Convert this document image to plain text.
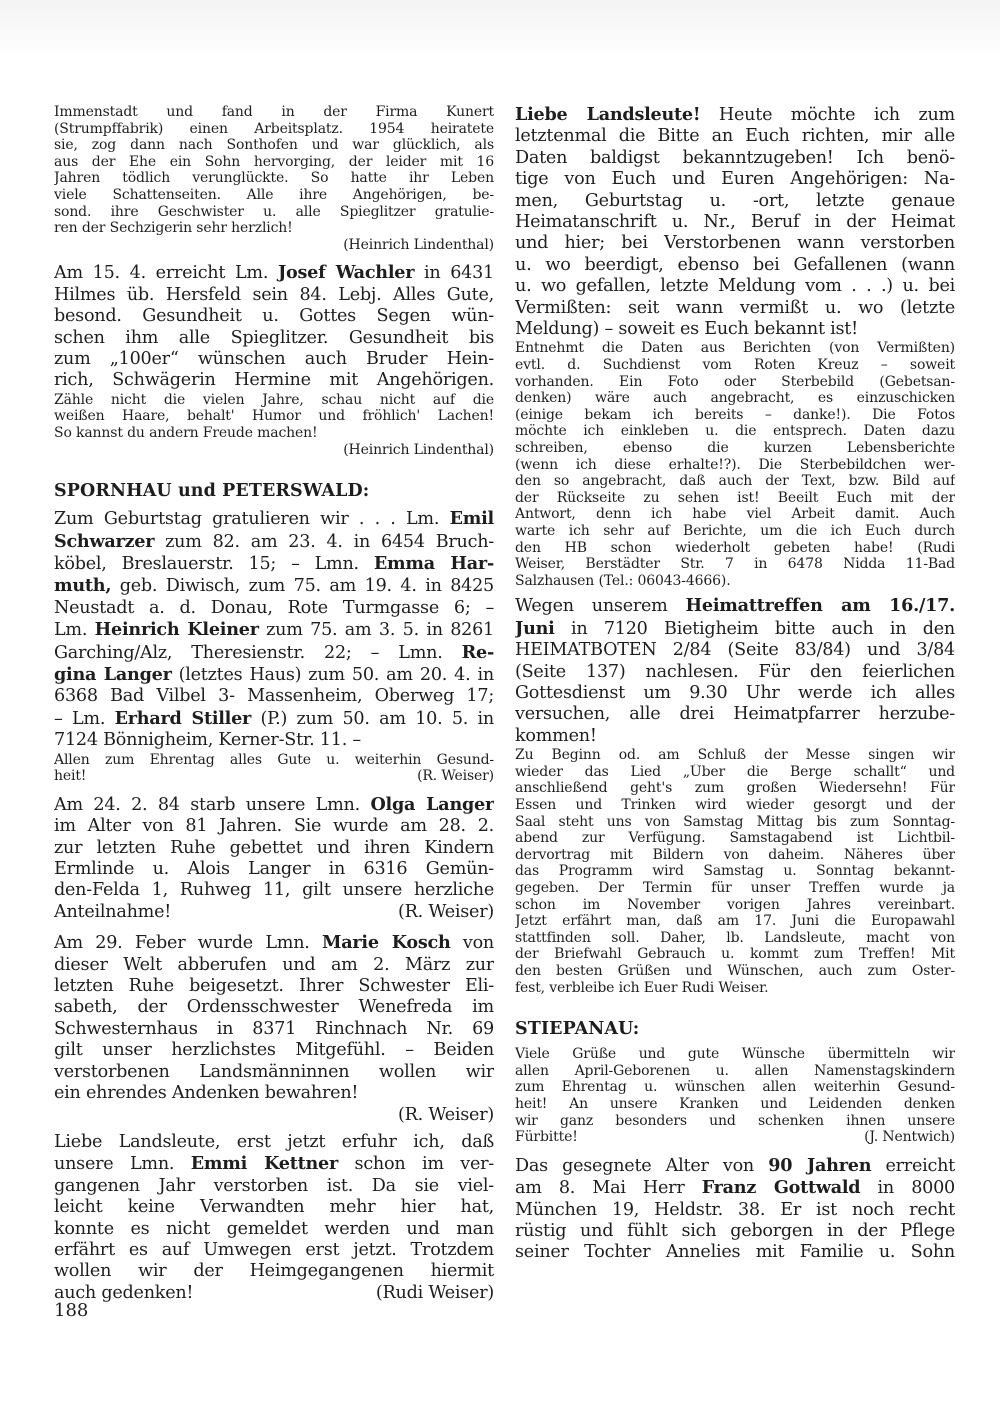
Immenstadt und fand in der Firma Kunert
(Strumpffabrik) einen Arbeitsplatz. 1954 heiratete
sie, zog dann nach Sonthofen und war glücklich, als
aus der Ehe ein Sohn hervorging, der leider mit 16
Jahren tödlich verunglückte. So hatte ihr Leben
viele Schattenseiten. Alle ihre Angehörigen, be-
sond. ihre Geschwister u. alle Spieglitzer gratulie-
ren der Sechzigerin sehr herzlich!
(Heinrich Lindenthal)
Am 15. 4. erreicht Lm. Josef Wachler in 6431
Hilmes üb. Hersfeld sein 84. Lebj. Alles Gute,
besond. Gesundheit u. Gottes Segen wün-
schen ihm alle Spieglitzer. Gesundheit bis
zum „100er“ wünschen auch Bruder Hein-
rich, Schwägerin Hermine mit Angehörigen.
Zähle nicht die vielen Jahre, schau nicht auf die
weißen Haare, behalt' Humor und fröhlich' Lachen!
So kannst du andern Freude machen!
(Heinrich Lindenthal)
SPORNHAU und PETERSWALD:
Zum Geburtstag gratulieren wir . . . Lm. Emil
Schwarzer zum 82. am 23. 4. in 6454 Bruch-
köbel, Breslauerstr. 15; – Lmn. Emma Har-
muth, geb. Diwisch, zum 75. am 19. 4. in 8425
Neustadt a. d. Donau, Rote Turmgasse 6; –
Lm. Heinrich Kleiner zum 75. am 3. 5. in 8261
Garching/Alz, Theresienstr. 22; – Lmn. Re-
gina Langer (letztes Haus) zum 50. am 20. 4. in
6368 Bad Vilbel 3- Massenheim, Oberweg 17;
– Lm. Erhard Stiller (P.) zum 50. am 10. 5. in
7124 Bönnigheim, Kerner-Str. 11. –
Allen zum Ehrentag alles Gute u. weiterhin Gesund-
heit!	(R. Weiser)
Am 24. 2. 84 starb unsere Lmn. Olga Langer
im Alter von 81 Jahren. Sie wurde am 28. 2.
zur letzten Ruhe gebettet und ihren Kindern
Ermlinde u. Alois Langer in 6316 Gemün-
den-Felda 1, Ruhweg 11, gilt unsere herzliche
Anteilnahme!	(R. Weiser)
Am 29. Feber wurde Lmn. Marie Kosch von
dieser Welt abberufen und am 2. März zur
letzten Ruhe beigesetzt. Ihrer Schwester Eli-
sabeth, der Ordensschwester Wenefreda im
Schwesternhaus in 8371 Rinchnach Nr. 69
gilt unser herzlichstes Mitgefühl. – Beiden
verstorbenen Landsmänninnen wollen wir
ein ehrendes Andenken bewahren!
(R. Weiser)
Liebe Landsleute, erst jetzt erfuhr ich, daß
unsere Lmn. Emmi Kettner schon im ver-
gangenen Jahr verstorben ist. Da sie viel-
leicht keine Verwandten mehr hier hat,
konnte es nicht gemeldet werden und man
erfährt es auf Umwegen erst jetzt. Trotzdem
wollen wir der Heimgegangenen hiermit
auch gedenken!	(Rudi Weiser)
Liebe Landsleute! Heute möchte ich zum
letztenmal die Bitte an Euch richten, mir alle
Daten baldigst bekanntzugeben! Ich benö-
tige von Euch und Euren Angehörigen: Na-
men, Geburtstag u. -ort, letzte genaue
Heimatanschrift u. Nr., Beruf in der Heimat
und hier; bei Verstorbenen wann verstorben
u. wo beerdigt, ebenso bei Gefallenen (wann
u. wo gefallen, letzte Meldung vom . . .) u. bei
Vermißten: seit wann vermißt u. wo (letzte
Meldung) – soweit es Euch bekannt ist!
Entnehmt die Daten aus Berichten (von Vermißten)
evtl. d. Suchdienst vom Roten Kreuz – soweit
vorhanden. Ein Foto oder Sterbebild (Gebetsan-
denken) wäre auch angebracht, es einzuschicken
(einige bekam ich bereits – danke!). Die Fotos
möchte ich einkleben u. die entsprech. Daten dazu
schreiben, ebenso die kurzen Lebensberichte
(wenn ich diese erhalte!?). Die Sterbebildchen wer-
den so angebracht, daß auch der Text, bzw. Bild auf
der Rückseite zu sehen ist! Beeilt Euch mit der
Antwort, denn ich habe viel Arbeit damit. Auch
warte ich sehr auf Berichte, um die ich Euch durch
den HB schon wiederholt gebeten habe! (Rudi
Weiser, Berstädter Str. 7 in 6478 Nidda 11-Bad
Salzhausen (Tel.: 06043-4666).
Wegen unserem Heimattreffen am 16./17.
Juni in 7120 Bietigheim bitte auch in den
HEIMATBOTEN 2/84 (Seite 83/84) und 3/84
(Seite 137) nachlesen. Für den feierlichen
Gottesdienst um 9.30 Uhr werde ich alles
versuchen, alle drei Heimatpfarrer herzube-
kommen!
Zu Beginn od. am Schluß der Messe singen wir
wieder das Lied „Über die Berge schallt“ und
anschließend geht's zum großen Wiedersehn! Für
Essen und Trinken wird wieder gesorgt und der
Saal steht uns von Samstag Mittag bis zum Sonntag-
abend zur Verfügung. Samstagabend ist Lichtbil-
dervortrag mit Bildern von daheim. Näheres über
das Programm wird Samstag u. Sonntag bekannt-
gegeben. Der Termin für unser Treffen wurde ja
schon im November vorigen Jahres vereinbart.
Jetzt erfährt man, daß am 17. Juni die Europawahl
stattfinden soll. Daher, lb. Landsleute, macht von
der Briefwahl Gebrauch u. kommt zum Treffen! Mit
den besten Grüßen und Wünschen, auch zum Oster-
fest, verbleibe ich Euer Rudi Weiser.
STIEPANAU:
Viele Grüße und gute Wünsche übermitteln wir
allen April-Geborenen u. allen Namenstagskindern
zum Ehrentag u. wünschen allen weiterhin Gesund-
heit! An unsere Kranken und Leidenden denken
wir ganz besonders und schenken ihnen unsere
Fürbitte!	(J. Nentwich)
Das gesegnete Alter von 90 Jahren erreicht
am 8. Mai Herr Franz Gottwald in 8000
München 19, Heldstr. 38. Er ist noch recht
rüstig und fühlt sich geborgen in der Pflege
seiner Tochter Annelies mit Familie u. Sohn
188
